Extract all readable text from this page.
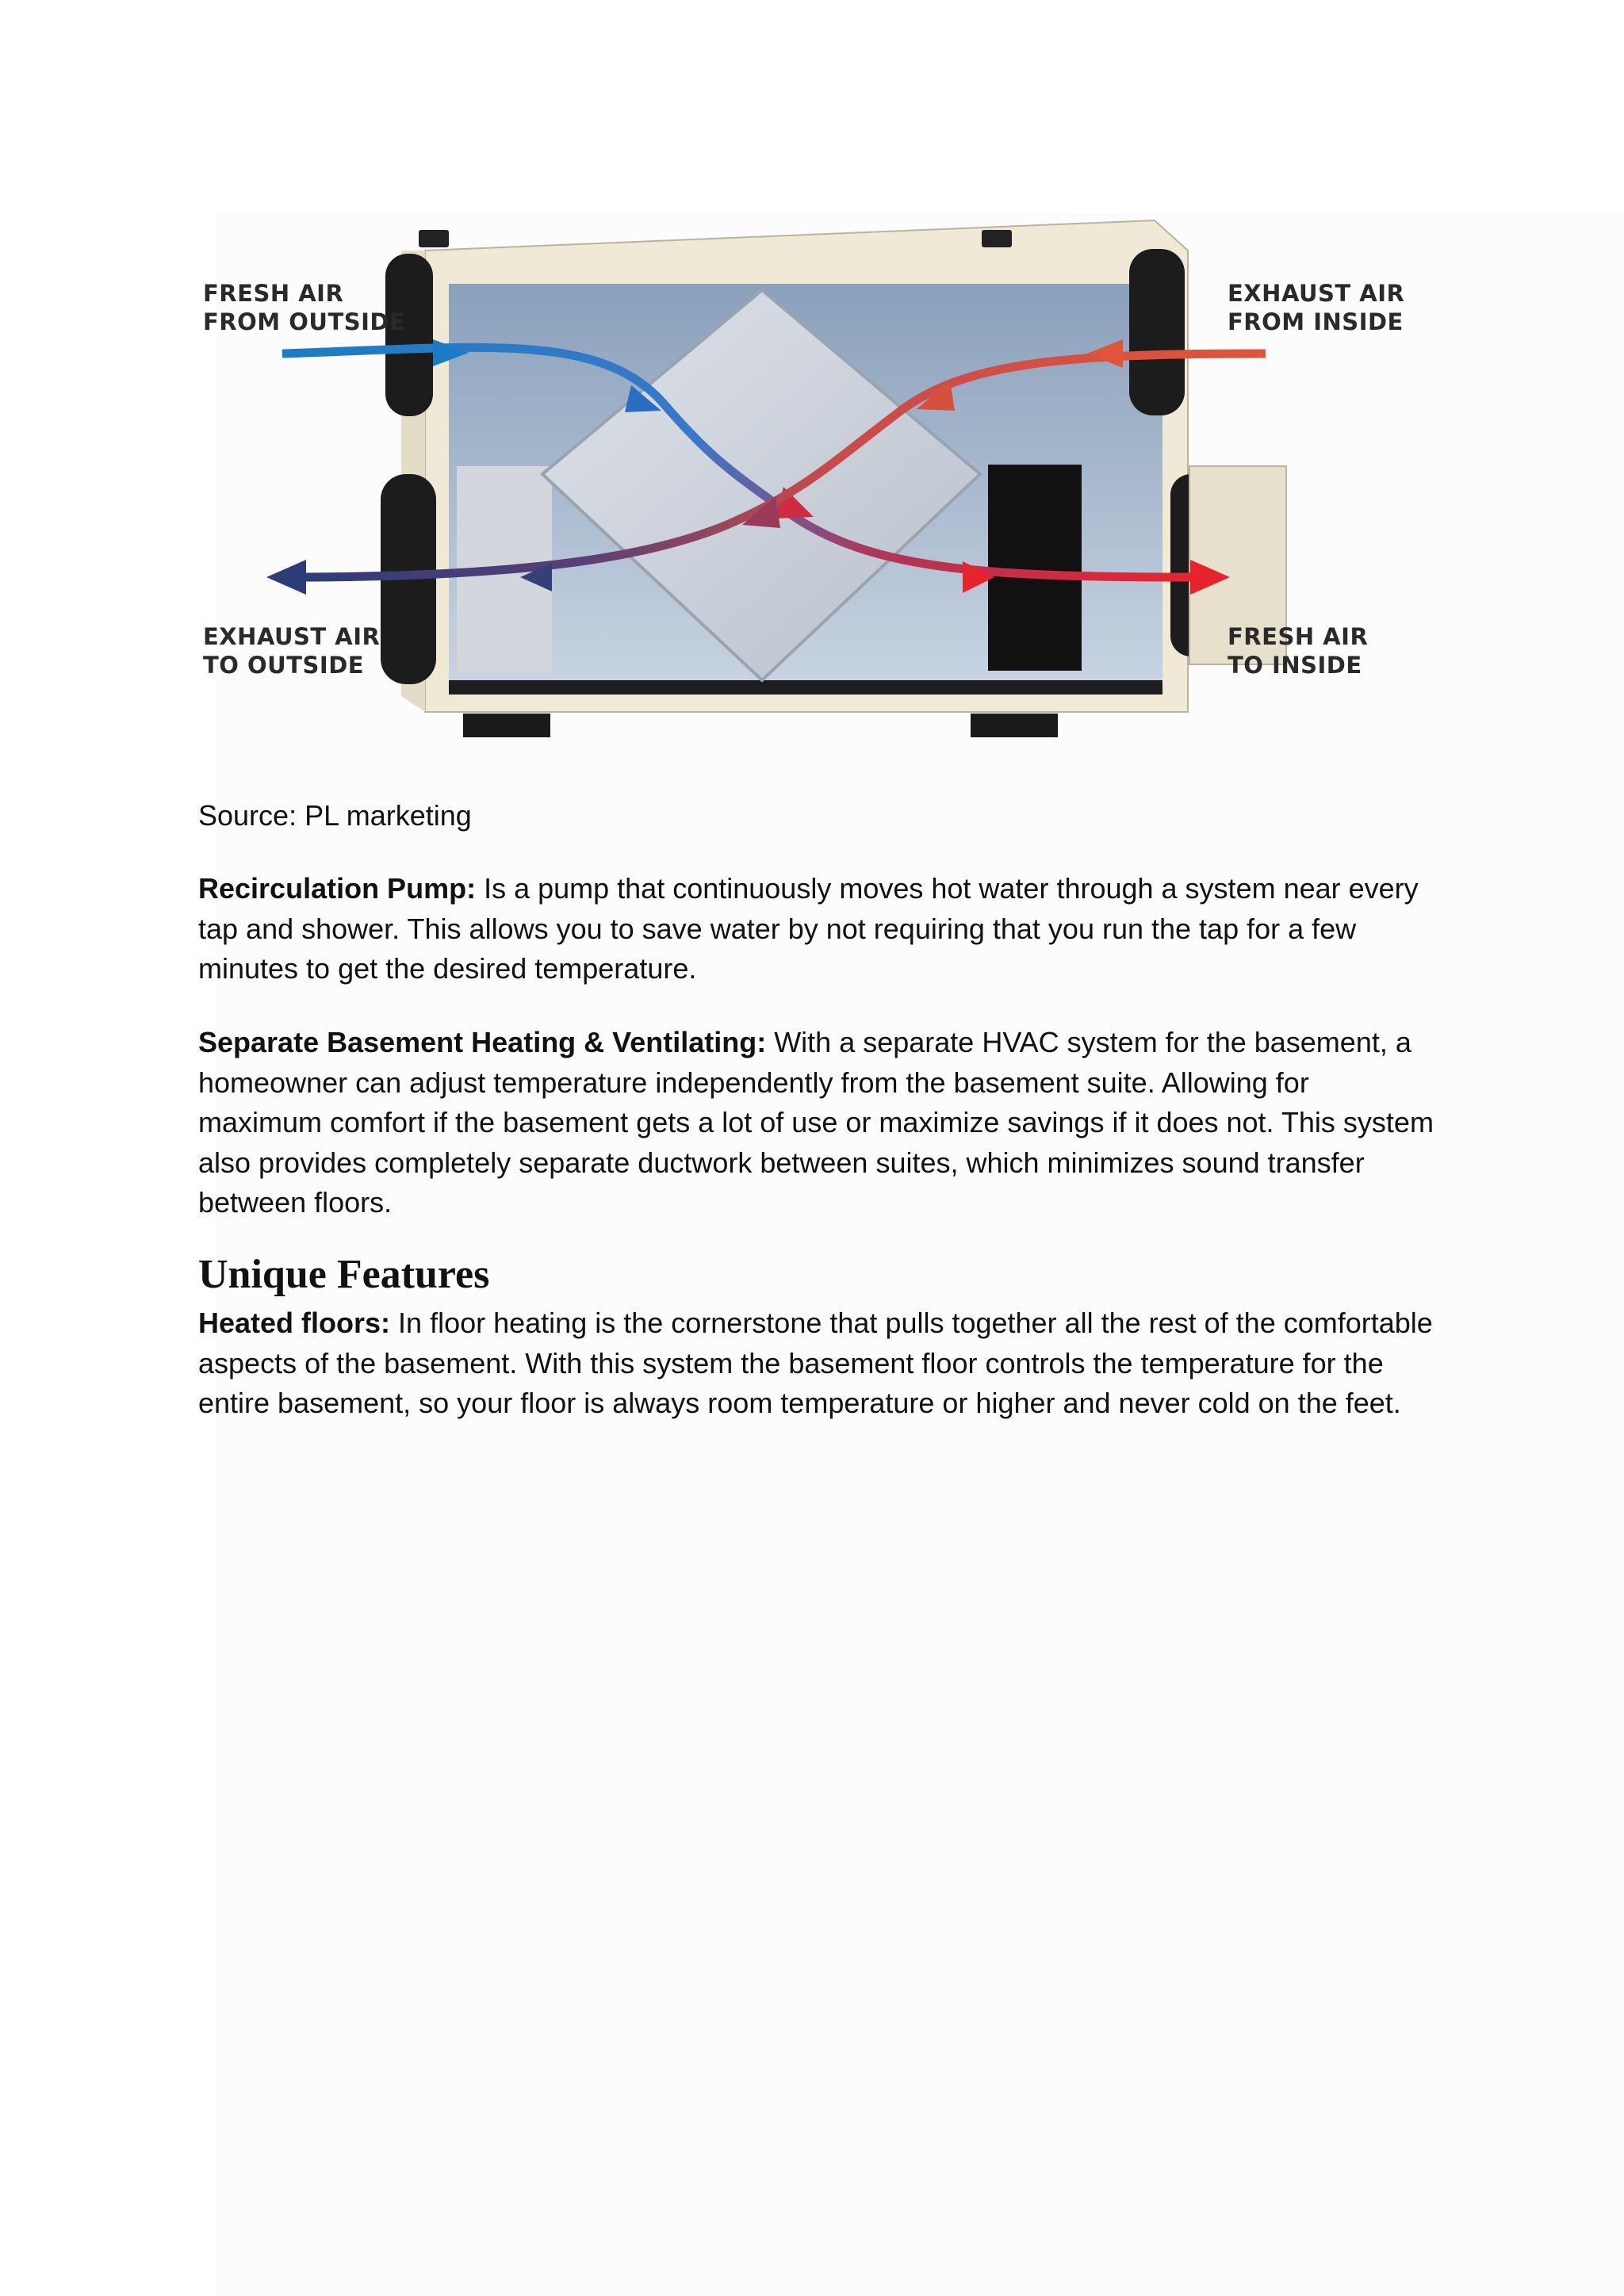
FRESH AIR
FROM OUTSIDE
EXHAUST AIR
FROM INSIDE
EXHAUST AIR
TO OUTSIDE
FRESH AIR
TO INSIDE
Source: PL marketing
Recirculation Pump: Is a pump that continuously moves hot water through a system near every tap and shower. This allows you to save water by not requiring that you run the tap for a few minutes to get the desired temperature.
Separate Basement Heating & Ventilating: With a separate HVAC system for the basement, a homeowner can adjust temperature independently from the basement suite. Allowing for maximum comfort if the basement gets a lot of use or maximize savings if it does not. This system also provides completely separate ductwork between suites, which minimizes sound transfer between floors.
Unique Features
Heated floors: In floor heating is the cornerstone that pulls together all the rest of the comfortable aspects of the basement. With this system the basement floor controls the temperature for the entire basement, so your floor is always room temperature or higher and never cold on the feet.
